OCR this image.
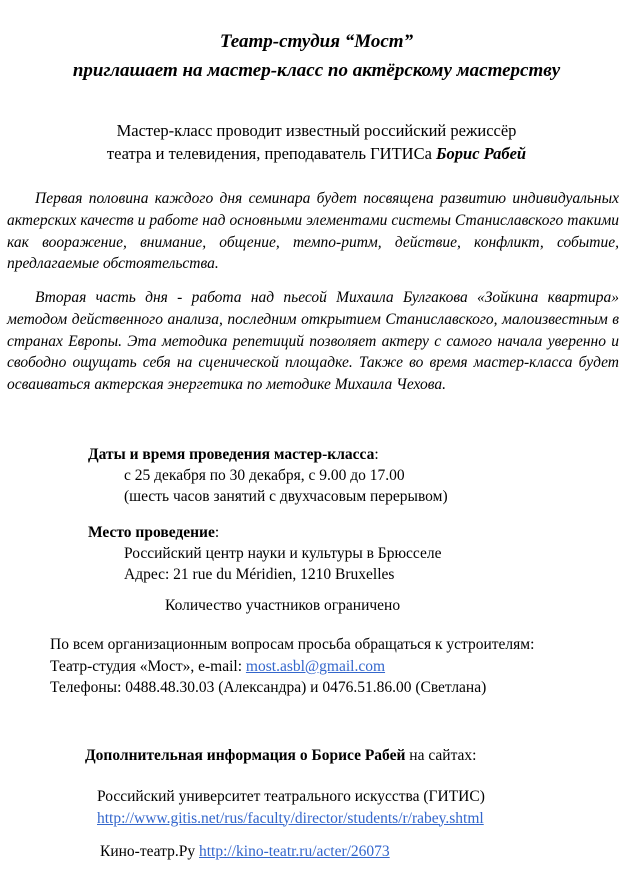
Театр-студия “Мост”
приглашает на мастер-класс по актёрскому мастерству
Мастер-класс проводит известный российский режиссёр
театра и телевидения, преподаватель ГИТИСа Борис Рабей

Первая половина каждого дня семинара будет посвящена развитию индивидуальных актерских качеств и работе над основными элементами системы Станиславского такими как вооражение, внимание, общение, темпо-ритм, действие, конфликт, событие, предлагаемые обстоятельства.

Вторая часть дня - работа над пьесой Михаила Булгакова «Зойкина квартира» методом действенного анализа, последним открытием Станиславского, малоизвестным в странах Европы. Эта методика репетиций позволяет актеру с самого начала уверенно и свободно ощущать себя на сценической площадке. Также во время мастер-класса будет осваиваться актерская энергетика по методике Михаила Чехова.

Даты и время проведения мастер-класса:
с 25 декабря по 30 декабря, с 9.00 до 17.00
(шесть часов занятий с двухчасовым перерывом)
Место проведение:
Российский центр науки и культуры в Брюсселе
Адрес: 21 rue du Méridien, 1210 Bruxelles
Количество участников ограничено
По всем организационным вопросам просьба обращаться к устроителям:
Театр-студия «Мост», e-mail: most.asbl@gmail.com
Телефоны: 0488.48.30.03 (Александра) и 0476.51.86.00 (Светлана)
Дополнительная информация о Борисе Рабей на сайтах:
Российский университет театрального искусства (ГИТИС)
http://www.gitis.net/rus/faculty/director/students/r/rabey.shtml
Кино-театр.Ру http://kino-teatr.ru/acter/26073
